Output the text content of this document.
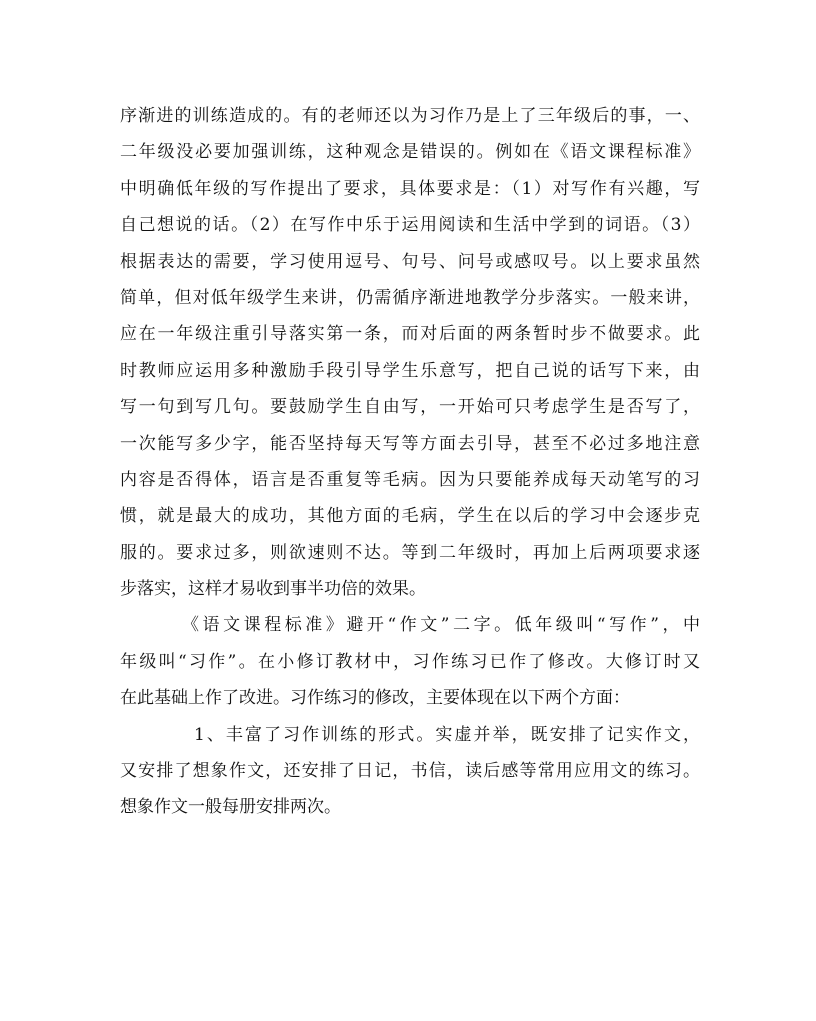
序渐进的训练造成的。有的老师还以为习作乃是上了三年级后的事，一、
二年级没必要加强训练，这种观念是错误的。例如在《语文课程标准》
中明确低年级的写作提出了要求，具体要求是：（1）对写作有兴趣，写
自己想说的话。（2）在写作中乐于运用阅读和生活中学到的词语。（3）
根据表达的需要，学习使用逗号、句号、问号或感叹号。以上要求虽然
简单，但对低年级学生来讲，仍需循序渐进地教学分步落实。一般来讲，
应在一年级注重引导落实第一条，而对后面的两条暂时步不做要求。此
时教师应运用多种激励手段引导学生乐意写，把自己说的话写下来，由
写一句到写几句。要鼓励学生自由写，一开始可只考虑学生是否写了，
一次能写多少字，能否坚持每天写等方面去引导，甚至不必过多地注意
内容是否得体，语言是否重复等毛病。因为只要能养成每天动笔写的习
惯，就是最大的成功，其他方面的毛病，学生在以后的学习中会逐步克
服的。要求过多，则欲速则不达。等到二年级时，再加上后两项要求逐
步落实，这样才易收到事半功倍的效果。
《语文课程标准》避开“作文”二字。低年级叫“写作”，中
年级叫“习作”。在小修订教材中，习作练习已作了修改。大修订时又
在此基础上作了改进。习作练习的修改，主要体现在以下两个方面：
1、丰富了习作训练的形式。实虚并举，既安排了记实作文，
又安排了想象作文，还安排了日记，书信，读后感等常用应用文的练习。
想象作文一般每册安排两次。
